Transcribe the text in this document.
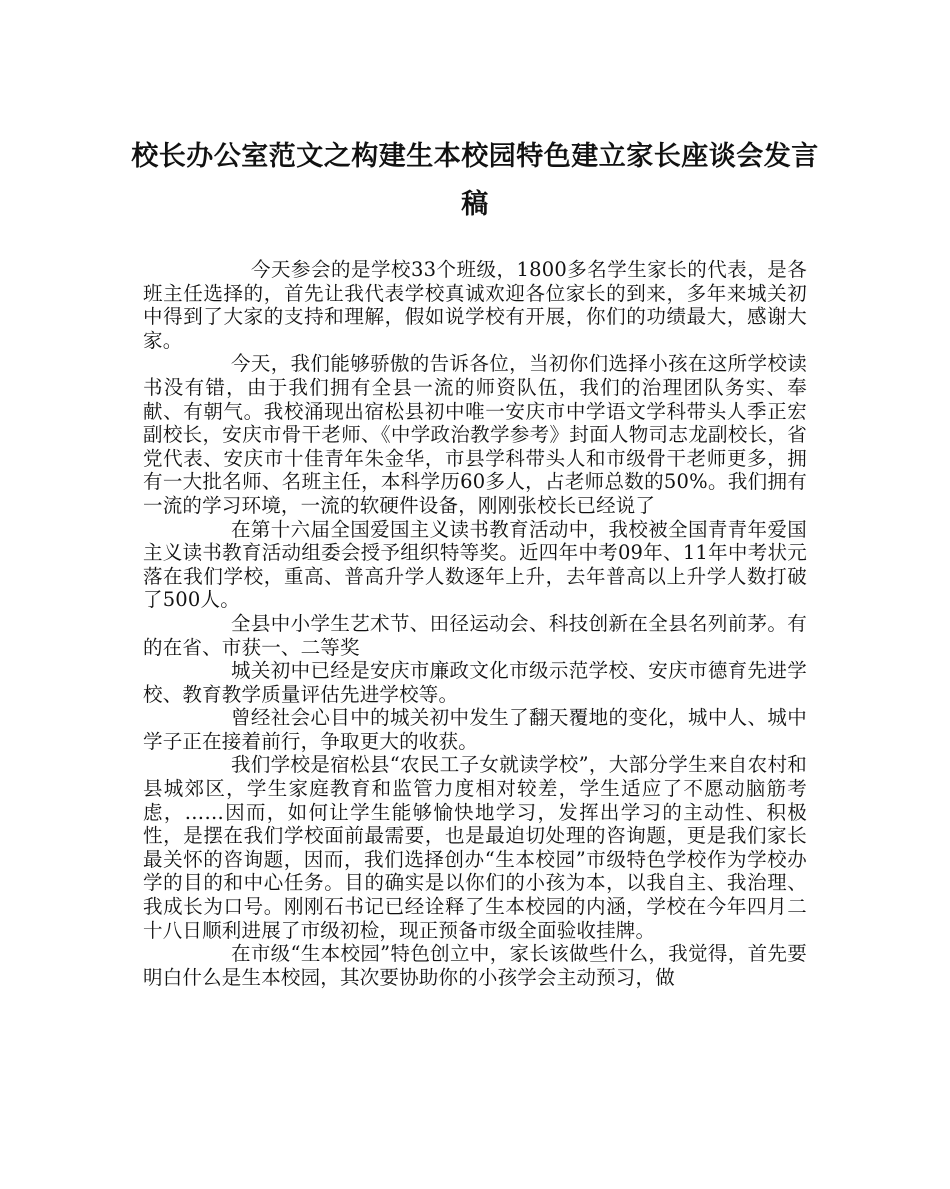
校长办公室范文之构建生本校园特色建立家长座谈会发言稿

今天参会的是学校33个班级，1800多名学生家长的代表，是各班主任选择的，首先让我代表学校真诚欢迎各位家长的到来，多年来城关初中得到了大家的支持和理解，假如说学校有开展，你们的功绩最大，感谢大家。

今天，我们能够骄傲的告诉各位，当初你们选择小孩在这所学校读书没有错，由于我们拥有全县一流的师资队伍，我们的治理团队务实、奉献、有朝气。我校涌现出宿松县初中唯一安庆市中学语文学科带头人季正宏副校长，安庆市骨干老师、《中学政治教学参考》封面人物司志龙副校长，省党代表、安庆市十佳青年朱金华，市县学科带头人和市级骨干老师更多，拥有一大批名师、名班主任，本科学历60多人，占老师总数的50%。我们拥有一流的学习环境，一流的软硬件设备，刚刚张校长已经说了

在第十六届全国爱国主义读书教育活动中，我校被全国青青年爱国主义读书教育活动组委会授予组织特等奖。近四年中考09年、11年中考状元落在我们学校，重高、普高升学人数逐年上升，去年普高以上升学人数打破了500人。

全县中小学生艺术节、田径运动会、科技创新在全县名列前茅。有的在省、市获一、二等奖

城关初中已经是安庆市廉政文化市级示范学校、安庆市德育先进学校、教育教学质量评估先进学校等。

曾经社会心目中的城关初中发生了翻天覆地的变化，城中人、城中学子正在接着前行，争取更大的收获。

我们学校是宿松县“农民工子女就读学校”，大部分学生来自农村和县城郊区，学生家庭教育和监管力度相对较差，学生适应了不愿动脑筋考虑，……因而，如何让学生能够愉快地学习，发挥出学习的主动性、积极性，是摆在我们学校面前最需要，也是最迫切处理的咨询题，更是我们家长最关怀的咨询题，因而，我们选择创办“生本校园”市级特色学校作为学校办学的目的和中心任务。目的确实是以你们的小孩为本，以我自主、我治理、我成长为口号。刚刚石书记已经诠释了生本校园的内涵，学校在今年四月二十八日顺利进展了市级初检，现正预备市级全面验收挂牌。

在市级“生本校园”特色创立中，家长该做些什么，我觉得，首先要明白什么是生本校园，其次要协助你的小孩学会主动预习，做
